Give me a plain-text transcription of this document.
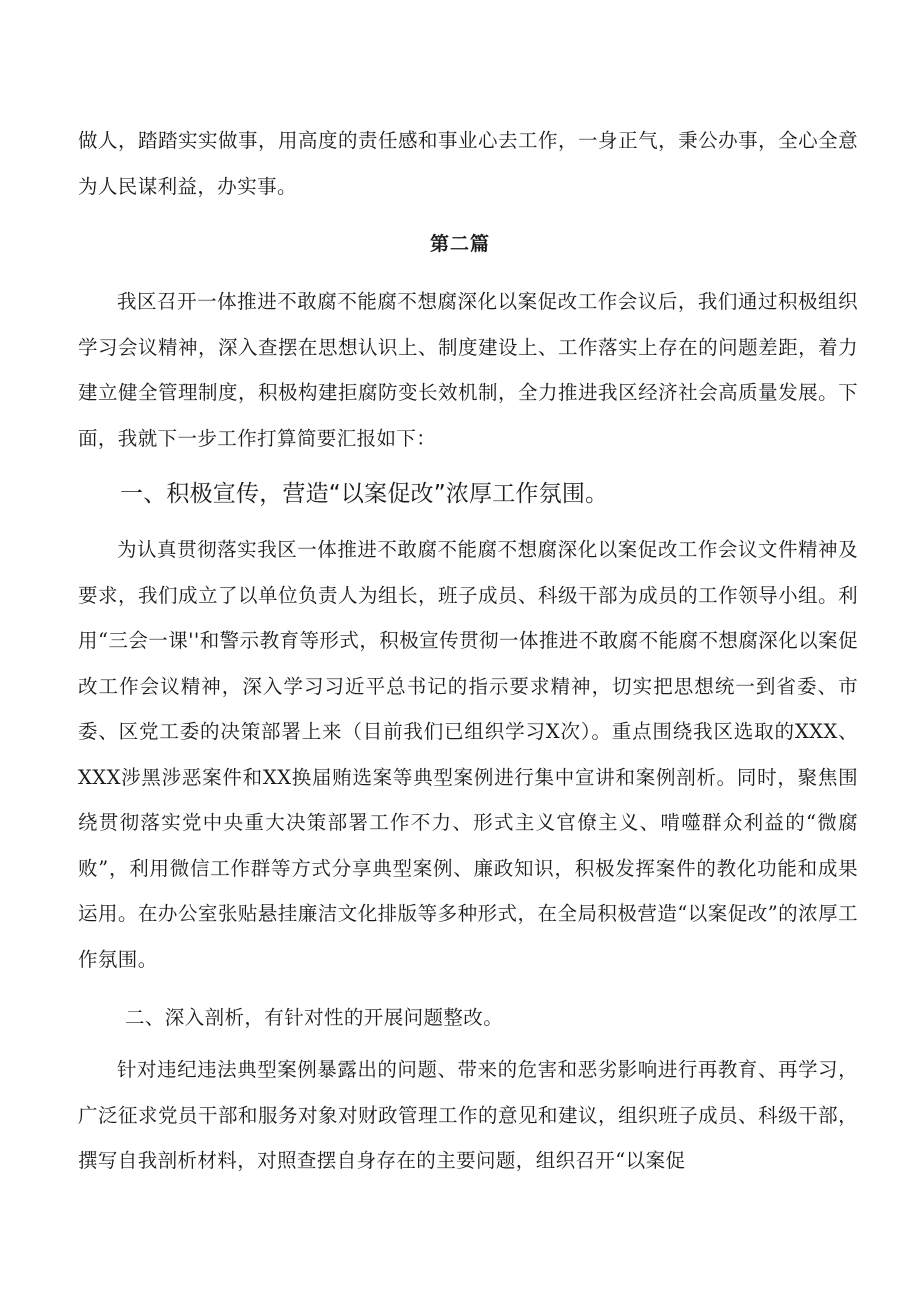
做人，踏踏实实做事，用高度的责任感和事业心去工作，一身正气，秉公办事，全心全意为人民谋利益，办实事。

第二篇

我区召开一体推进不敢腐不能腐不想腐深化以案促改工作会议后，我们通过积极组织学习会议精神，深入查摆在思想认识上、制度建设上、工作落实上存在的问题差距，着力建立健全管理制度，积极构建拒腐防变长效机制，全力推进我区经济社会高质量发展。下面，我就下一步工作打算简要汇报如下：

一、积极宣传，营造“以案促改”浓厚工作氛围。

为认真贯彻落实我区一体推进不敢腐不能腐不想腐深化以案促改工作会议文件精神及要求，我们成立了以单位负责人为组长，班子成员、科级干部为成员的工作领导小组。利用“三会一课''和警示教育等形式，积极宣传贯彻一体推进不敢腐不能腐不想腐深化以案促改工作会议精神，深入学习习近平总书记的指示要求精神，切实把思想统一到省委、市委、区党工委的决策部署上来（目前我们已组织学习X次）。重点围绕我区选取的XXX、XXX涉黑涉恶案件和XX换届贿选案等典型案例进行集中宣讲和案例剖析。同时，聚焦围绕贯彻落实党中央重大决策部署工作不力、形式主义官僚主义、啃噬群众利益的“微腐败”，利用微信工作群等方式分享典型案例、廉政知识，积极发挥案件的教化功能和成果运用。在办公室张贴悬挂廉洁文化排版等多种形式，在全局积极营造“以案促改”的浓厚工作氛围。

二、深入剖析，有针对性的开展问题整改。

针对违纪违法典型案例暴露出的问题、带来的危害和恶劣影响进行再教育、再学习，广泛征求党员干部和服务对象对财政管理工作的意见和建议，组织班子成员、科级干部，撰写自我剖析材料，对照查摆自身存在的主要问题，组织召开“以案促
